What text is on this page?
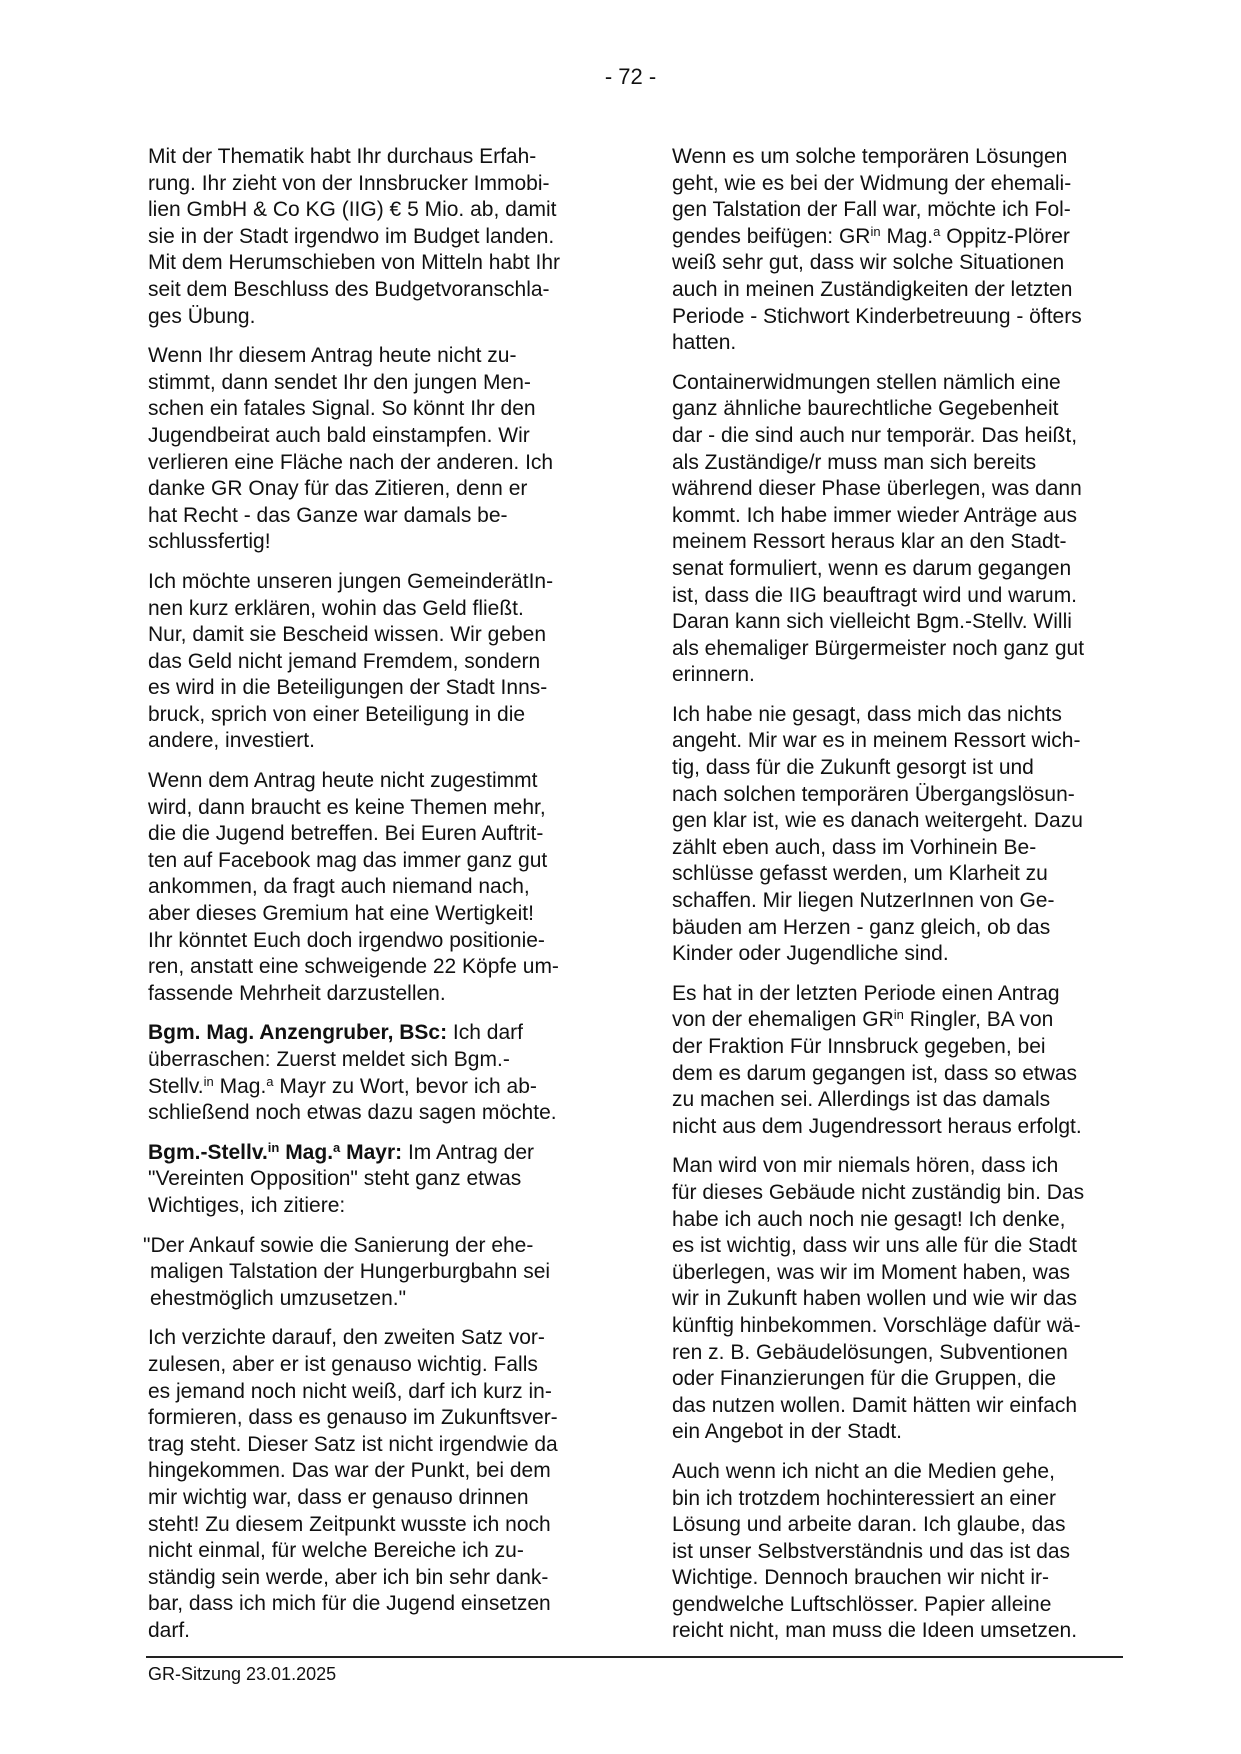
- 72 -

Mit der Thematik habt Ihr durchaus Erfah-
rung. Ihr zieht von der Innsbrucker Immobi-
lien GmbH & Co KG (IIG) € 5 Mio. ab, damit
sie in der Stadt irgendwo im Budget landen.
Mit dem Herumschieben von Mitteln habt Ihr
seit dem Beschluss des Budgetvoranschla-
ges Übung.

Wenn Ihr diesem Antrag heute nicht zu-
stimmt, dann sendet Ihr den jungen Men-
schen ein fatales Signal. So könnt Ihr den
Jugendbeirat auch bald einstampfen. Wir
verlieren eine Fläche nach der anderen. Ich
danke GR Onay für das Zitieren, denn er
hat Recht - das Ganze war damals be-
schlussfertig!

Ich möchte unseren jungen GemeinderätIn-
nen kurz erklären, wohin das Geld fließt.
Nur, damit sie Bescheid wissen. Wir geben
das Geld nicht jemand Fremdem, sondern
es wird in die Beteiligungen der Stadt Inns-
bruck, sprich von einer Beteiligung in die
andere, investiert.

Wenn dem Antrag heute nicht zugestimmt
wird, dann braucht es keine Themen mehr,
die die Jugend betreffen. Bei Euren Auftrit-
ten auf Facebook mag das immer ganz gut
ankommen, da fragt auch niemand nach,
aber dieses Gremium hat eine Wertigkeit!
Ihr könntet Euch doch irgendwo positionie-
ren, anstatt eine schweigende 22 Köpfe um-
fassende Mehrheit darzustellen.

Bgm. Mag. Anzengruber, BSc: Ich darf
überraschen: Zuerst meldet sich Bgm.-
Stellv.$^{in}$ Mag.$^a$ Mayr zu Wort, bevor ich ab-
schließend noch etwas dazu sagen möchte.

Bgm.-Stellv.$^{in}$ Mag.$^a$ Mayr: Im Antrag der
"Vereinten Opposition" steht ganz etwas
Wichtiges, ich zitiere:

"Der Ankauf sowie die Sanierung der ehe-
maligen Talstation der Hungerburgbahn sei
ehestmöglich umzusetzen."

Ich verzichte darauf, den zweiten Satz vor-
zulesen, aber er ist genauso wichtig. Falls
es jemand noch nicht weiß, darf ich kurz in-
formieren, dass es genauso im Zukunftsver-
trag steht. Dieser Satz ist nicht irgendwie da
hingekommen. Das war der Punkt, bei dem
mir wichtig war, dass er genauso drinnen
steht! Zu diesem Zeitpunkt wusste ich noch
nicht einmal, für welche Bereiche ich zu-
ständig sein werde, aber ich bin sehr dank-
bar, dass ich mich für die Jugend einsetzen
darf.

Wenn es um solche temporären Lösungen
geht, wie es bei der Widmung der ehemali-
gen Talstation der Fall war, möchte ich Fol-
gendes beifügen: $GR^{in}$ Mag.$^a$ Oppitz-Plörer
weiß sehr gut, dass wir solche Situationen
auch in meinen Zuständigkeiten der letzten
Periode - Stichwort Kinderbetreuung - öfters
hatten.

Containerwidmungen stellen nämlich eine
ganz ähnliche baurechtliche Gegebenheit
dar - die sind auch nur temporär. Das heißt,
als Zuständige/r muss man sich bereits
während dieser Phase überlegen, was dann
kommt. Ich habe immer wieder Anträge aus
meinem Ressort heraus klar an den Stadt-
senat formuliert, wenn es darum gegangen
ist, dass die IIG beauftragt wird und warum.
Daran kann sich vielleicht Bgm.-Stellv. Willi
als ehemaliger Bürgermeister noch ganz gut
erinnern.

Ich habe nie gesagt, dass mich das nichts
angeht. Mir war es in meinem Ressort wich-
tig, dass für die Zukunft gesorgt ist und
nach solchen temporären Übergangslösun-
gen klar ist, wie es danach weitergeht. Dazu
zählt eben auch, dass im Vorhinein Be-
schlüsse gefasst werden, um Klarheit zu
schaffen. Mir liegen NutzerInnen von Ge-
bäuden am Herzen - ganz gleich, ob das
Kinder oder Jugendliche sind.

Es hat in der letzten Periode einen Antrag
von der ehemaligen $GR^{in}$ Ringler, BA von
der Fraktion Für Innsbruck gegeben, bei
dem es darum gegangen ist, dass so etwas
zu machen sei. Allerdings ist das damals
nicht aus dem Jugendressort heraus erfolgt.

Man wird von mir niemals hören, dass ich
für dieses Gebäude nicht zuständig bin. Das
habe ich auch noch nie gesagt! Ich denke,
es ist wichtig, dass wir uns alle für die Stadt
überlegen, was wir im Moment haben, was
wir in Zukunft haben wollen und wie wir das
künftig hinbekommen. Vorschläge dafür wä-
ren z. B. Gebäudelösungen, Subventionen
oder Finanzierungen für die Gruppen, die
das nutzen wollen. Damit hätten wir einfach
ein Angebot in der Stadt.

Auch wenn ich nicht an die Medien gehe,
bin ich trotzdem hochinteressiert an einer
Lösung und arbeite daran. Ich glaube, das
ist unser Selbstverständnis und das ist das
Wichtige. Dennoch brauchen wir nicht ir-
gendwelche Luftschlösser. Papier alleine
reicht nicht, man muss die Ideen umsetzen.

GR-Sitzung 23.01.2025
